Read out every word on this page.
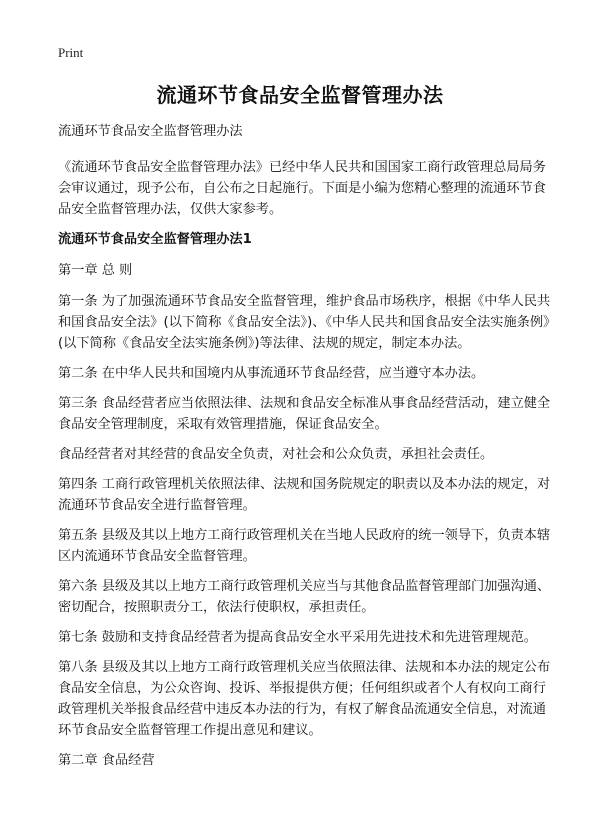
Print
流通环节食品安全监督管理办法

流通环节食品安全监督管理办法

《流通环节食品安全监督管理办法》已经中华人民共和国国家工商行政管理总局局务会审议通过，现予公布，自公布之日起施行。下面是小编为您精心整理的流通环节食品安全监督管理办法，仅供大家参考。

流通环节食品安全监督管理办法1

第一章 总 则

第一条 为了加强流通环节食品安全监督管理，维护食品市场秩序，根据《中华人民共和国食品安全法》(以下简称《食品安全法》)、《中华人民共和国食品安全法实施条例》(以下简称《食品安全法实施条例》)等法律、法规的规定，制定本办法。

第二条 在中华人民共和国境内从事流通环节食品经营，应当遵守本办法。

第三条 食品经营者应当依照法律、法规和食品安全标准从事食品经营活动，建立健全食品安全管理制度，采取有效管理措施，保证食品安全。

食品经营者对其经营的食品安全负责，对社会和公众负责，承担社会责任。

第四条 工商行政管理机关依照法律、法规和国务院规定的职责以及本办法的规定，对流通环节食品安全进行监督管理。

第五条 县级及其以上地方工商行政管理机关在当地人民政府的统一领导下，负责本辖区内流通环节食品安全监督管理。

第六条 县级及其以上地方工商行政管理机关应当与其他食品监督管理部门加强沟通、密切配合，按照职责分工，依法行使职权，承担责任。

第七条 鼓励和支持食品经营者为提高食品安全水平采用先进技术和先进管理规范。

第八条 县级及其以上地方工商行政管理机关应当依照法律、法规和本办法的规定公布食品安全信息，为公众咨询、投诉、举报提供方便；任何组织或者个人有权向工商行政管理机关举报食品经营中违反本办法的行为，有权了解食品流通安全信息，对流通环节食品安全监督管理工作提出意见和建议。

第二章 食品经营
